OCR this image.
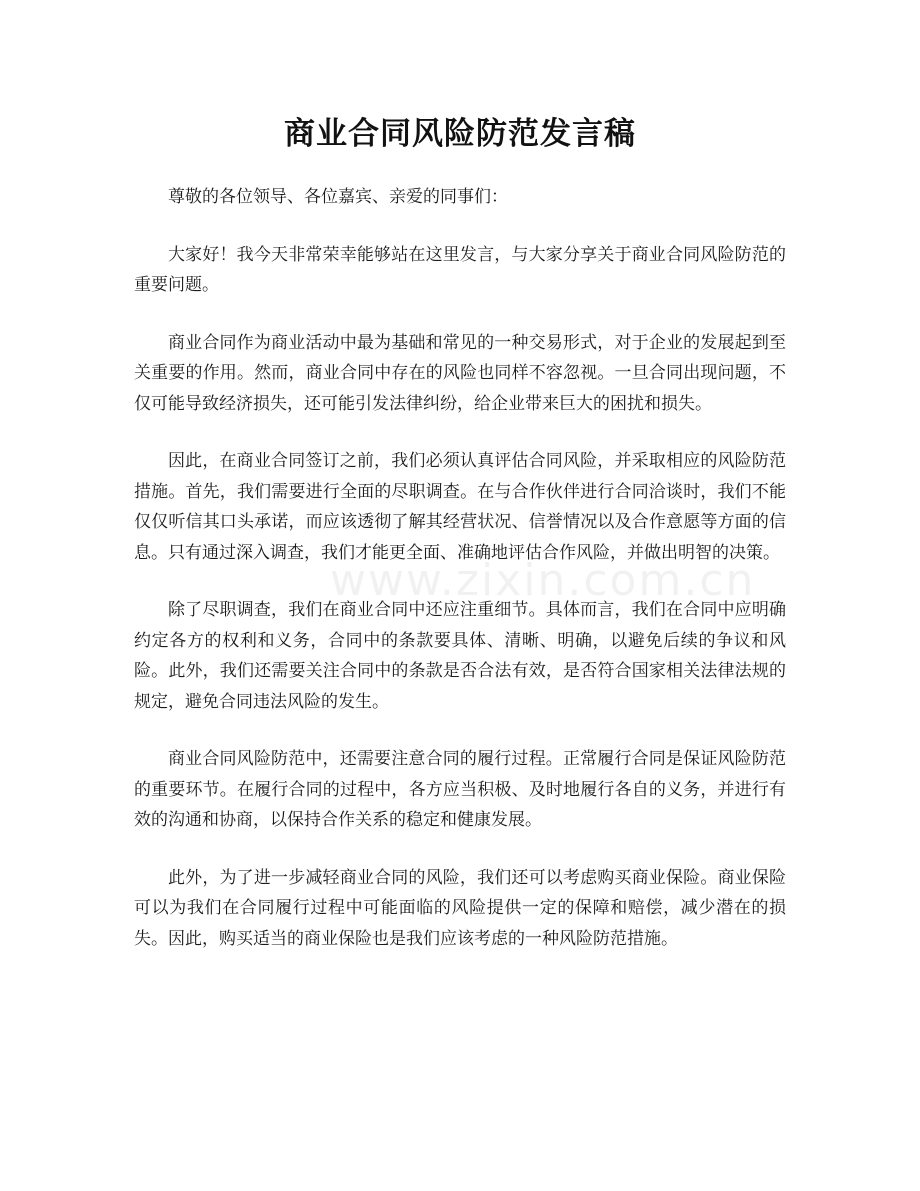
商业合同风险防范发言稿
www.zixin.com.cn

尊敬的各位领导、各位嘉宾、亲爱的同事们：

大家好！我今天非常荣幸能够站在这里发言，与大家分享关于商业合同风险防范的重要问题。

商业合同作为商业活动中最为基础和常见的一种交易形式，对于企业的发展起到至关重要的作用。然而，商业合同中存在的风险也同样不容忽视。一旦合同出现问题，不仅可能导致经济损失，还可能引发法律纠纷，给企业带来巨大的困扰和损失。

因此，在商业合同签订之前，我们必须认真评估合同风险，并采取相应的风险防范措施。首先，我们需要进行全面的尽职调查。在与合作伙伴进行合同洽谈时，我们不能仅仅听信其口头承诺，而应该透彻了解其经营状况、信誉情况以及合作意愿等方面的信息。只有通过深入调查，我们才能更全面、准确地评估合作风险，并做出明智的决策。

除了尽职调查，我们在商业合同中还应注重细节。具体而言，我们在合同中应明确约定各方的权利和义务，合同中的条款要具体、清晰、明确，以避免后续的争议和风险。此外，我们还需要关注合同中的条款是否合法有效，是否符合国家相关法律法规的规定，避免合同违法风险的发生。

商业合同风险防范中，还需要注意合同的履行过程。正常履行合同是保证风险防范的重要环节。在履行合同的过程中，各方应当积极、及时地履行各自的义务，并进行有效的沟通和协商，以保持合作关系的稳定和健康发展。

此外，为了进一步减轻商业合同的风险，我们还可以考虑购买商业保险。商业保险可以为我们在合同履行过程中可能面临的风险提供一定的保障和赔偿，减少潜在的损失。因此，购买适当的商业保险也是我们应该考虑的一种风险防范措施。
